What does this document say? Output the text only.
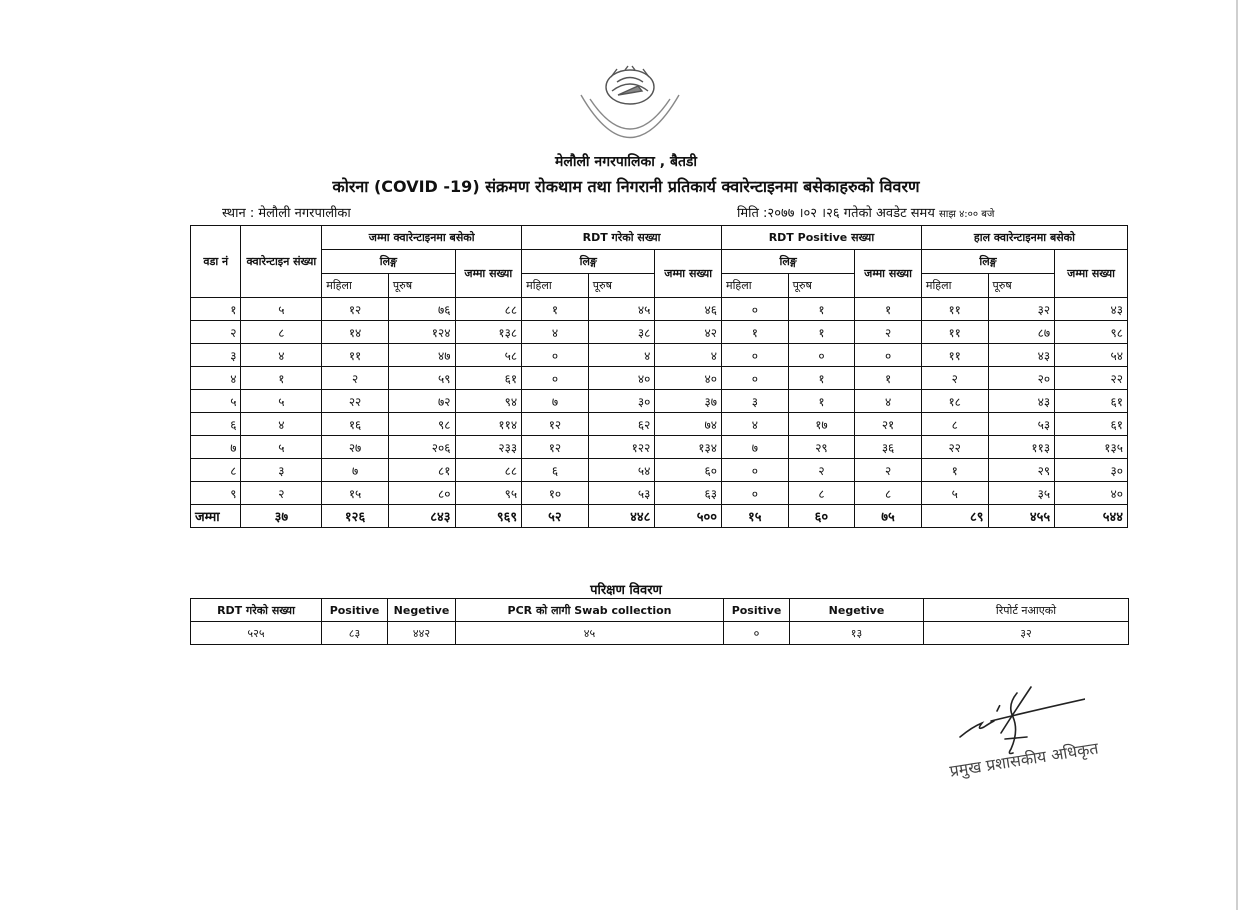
मेलौली नगरपालिका , बैतडी
कोरना (COVID -19) संक्रमण रोकथाम तथा निगरानी प्रतिकार्य क्वारेन्टाइनमा बसेकाहरुको विवरण
स्थान : मेलौली नगरपालीका	मिति :२०७७ ।०२ ।२६ गतेको अवडेट समय साझ ४:०० बजे
वडा नं	क्वारेन्टाइन संख्या	जम्मा क्वारेन्टाइनमा बसेको			RDT गरेको सख्या			RDT Positive सख्या			हाल क्वारेन्टाइनमा बसेको		
		लिङ्ग		जम्मा सख्या	लिङ्ग		जम्मा सख्या	लिङ्ग		जम्मा सख्या	लिङ्ग		जम्मा सख्या
		महिला	पूरुष		महिला	पूरुष		महिला	पूरुष		महिला	पूरुष	
१	५	१२	७६	८८	१	४५	४६	०	१	१	११	३२	४३
२	८	१४	१२४	१३८	४	३८	४२	१	१	२	११	८७	९८
३	४	११	४७	५८	०	४	४	०	०	०	११	४३	५४
४	१	२	५९	६१	०	४०	४०	०	१	१	२	२०	२२
५	५	२२	७२	९४	७	३०	३७	३	१	४	१८	४३	६१
६	४	१६	९८	११४	१२	६२	७४	४	१७	२१	८	५३	६१
७	५	२७	२०६	२३३	१२	१२२	१३४	७	२९	३६	२२	११३	१३५
८	३	७	८१	८८	६	५४	६०	०	२	२	१	२९	३०
९	२	१५	८०	९५	१०	५३	६३	०	८	८	५	३५	४०
जम्मा	३७	१२६	८४३	९६९	५२	४४८	५००	१५	६०	७५	८९	४५५	५४४
परिक्षण विवरण
RDT गरेको सख्या	Positive	Negetive	PCR को लागी Swab collection	Positive	Negetive	रिपोर्ट नआएको
५२५	८३	४४२	४५	०	१३	३२
प्रमुख प्रशासकीय अधिकृत
